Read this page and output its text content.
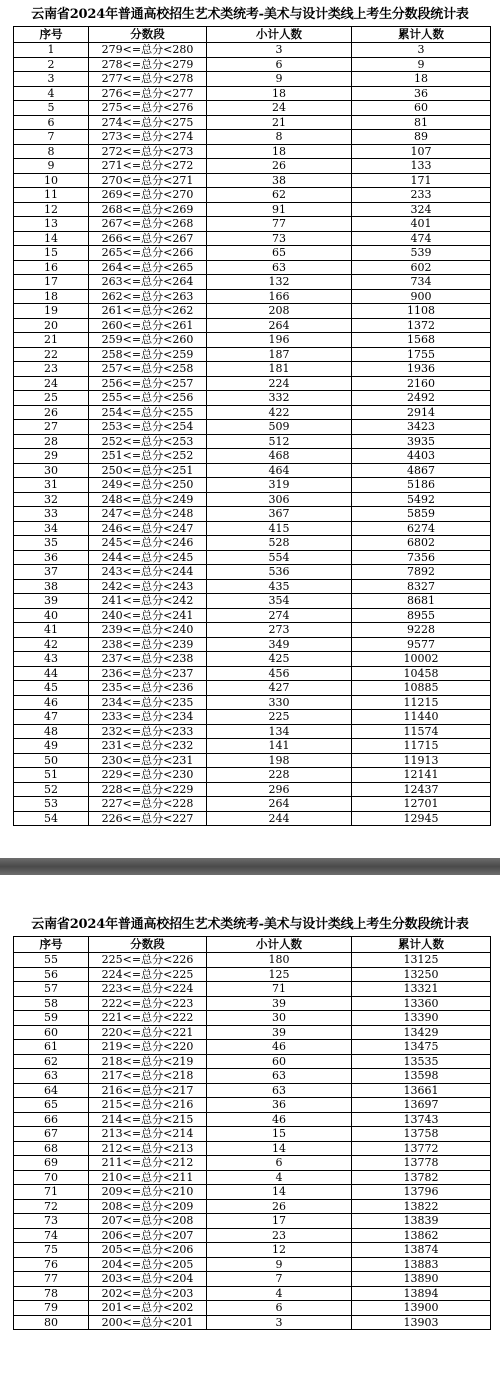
云南省2024年普通高校招生艺术类统考-美术与设计类线上考生分数段统计表
序号	分数段	小计人数	累计人数
1	279<=总分<280	3	3
2	278<=总分<279	6	9
3	277<=总分<278	9	18
4	276<=总分<277	18	36
5	275<=总分<276	24	60
6	274<=总分<275	21	81
7	273<=总分<274	8	89
8	272<=总分<273	18	107
9	271<=总分<272	26	133
10	270<=总分<271	38	171
11	269<=总分<270	62	233
12	268<=总分<269	91	324
13	267<=总分<268	77	401
14	266<=总分<267	73	474
15	265<=总分<266	65	539
16	264<=总分<265	63	602
17	263<=总分<264	132	734
18	262<=总分<263	166	900
19	261<=总分<262	208	1108
20	260<=总分<261	264	1372
21	259<=总分<260	196	1568
22	258<=总分<259	187	1755
23	257<=总分<258	181	1936
24	256<=总分<257	224	2160
25	255<=总分<256	332	2492
26	254<=总分<255	422	2914
27	253<=总分<254	509	3423
28	252<=总分<253	512	3935
29	251<=总分<252	468	4403
30	250<=总分<251	464	4867
31	249<=总分<250	319	5186
32	248<=总分<249	306	5492
33	247<=总分<248	367	5859
34	246<=总分<247	415	6274
35	245<=总分<246	528	6802
36	244<=总分<245	554	7356
37	243<=总分<244	536	7892
38	242<=总分<243	435	8327
39	241<=总分<242	354	8681
40	240<=总分<241	274	8955
41	239<=总分<240	273	9228
42	238<=总分<239	349	9577
43	237<=总分<238	425	10002
44	236<=总分<237	456	10458
45	235<=总分<236	427	10885
46	234<=总分<235	330	11215
47	233<=总分<234	225	11440
48	232<=总分<233	134	11574
49	231<=总分<232	141	11715
50	230<=总分<231	198	11913
51	229<=总分<230	228	12141
52	228<=总分<229	296	12437
53	227<=总分<228	264	12701
54	226<=总分<227	244	12945
云南省2024年普通高校招生艺术类统考-美术与设计类线上考生分数段统计表
序号	分数段	小计人数	累计人数
55	225<=总分<226	180	13125
56	224<=总分<225	125	13250
57	223<=总分<224	71	13321
58	222<=总分<223	39	13360
59	221<=总分<222	30	13390
60	220<=总分<221	39	13429
61	219<=总分<220	46	13475
62	218<=总分<219	60	13535
63	217<=总分<218	63	13598
64	216<=总分<217	63	13661
65	215<=总分<216	36	13697
66	214<=总分<215	46	13743
67	213<=总分<214	15	13758
68	212<=总分<213	14	13772
69	211<=总分<212	6	13778
70	210<=总分<211	4	13782
71	209<=总分<210	14	13796
72	208<=总分<209	26	13822
73	207<=总分<208	17	13839
74	206<=总分<207	23	13862
75	205<=总分<206	12	13874
76	204<=总分<205	9	13883
77	203<=总分<204	7	13890
78	202<=总分<203	4	13894
79	201<=总分<202	6	13900
80	200<=总分<201	3	13903
